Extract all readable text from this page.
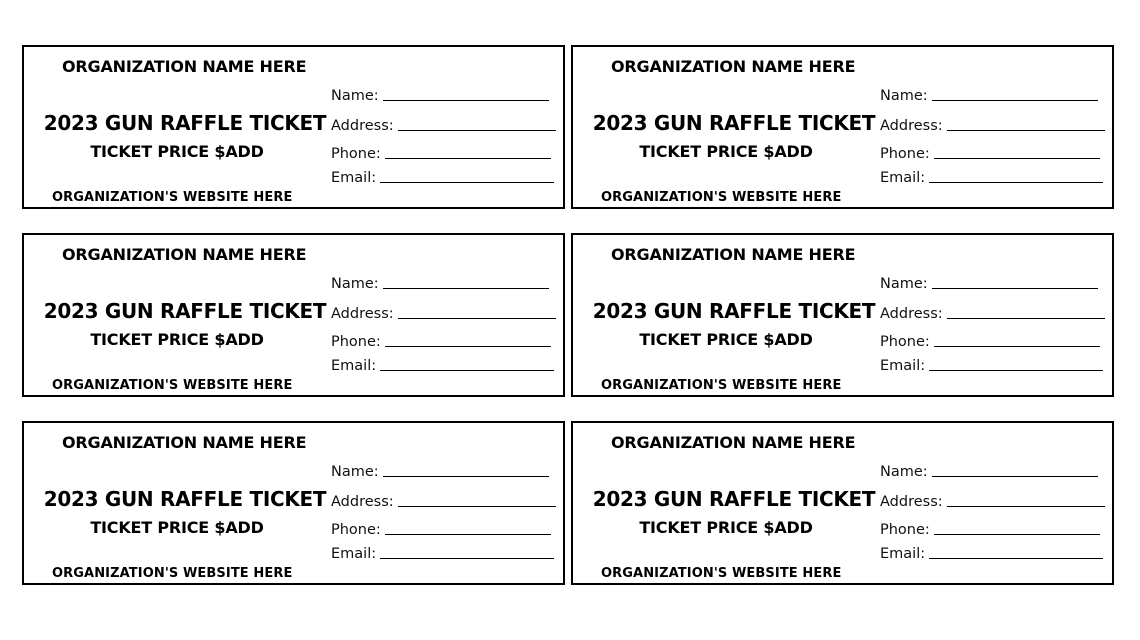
ORGANIZATION NAME HERE
2023 GUN RAFFLE TICKET
TICKET PRICE $ADD
ORGANIZATION'S WEBSITE HERE
Name:
Address:
Phone:
Email:
ORGANIZATION NAME HERE
2023 GUN RAFFLE TICKET
TICKET PRICE $ADD
ORGANIZATION'S WEBSITE HERE
Name:
Address:
Phone:
Email:
ORGANIZATION NAME HERE
2023 GUN RAFFLE TICKET
TICKET PRICE $ADD
ORGANIZATION'S WEBSITE HERE
Name:
Address:
Phone:
Email:
ORGANIZATION NAME HERE
2023 GUN RAFFLE TICKET
TICKET PRICE $ADD
ORGANIZATION'S WEBSITE HERE
Name:
Address:
Phone:
Email:
ORGANIZATION NAME HERE
2023 GUN RAFFLE TICKET
TICKET PRICE $ADD
ORGANIZATION'S WEBSITE HERE
Name:
Address:
Phone:
Email:
ORGANIZATION NAME HERE
2023 GUN RAFFLE TICKET
TICKET PRICE $ADD
ORGANIZATION'S WEBSITE HERE
Name:
Address:
Phone:
Email:
